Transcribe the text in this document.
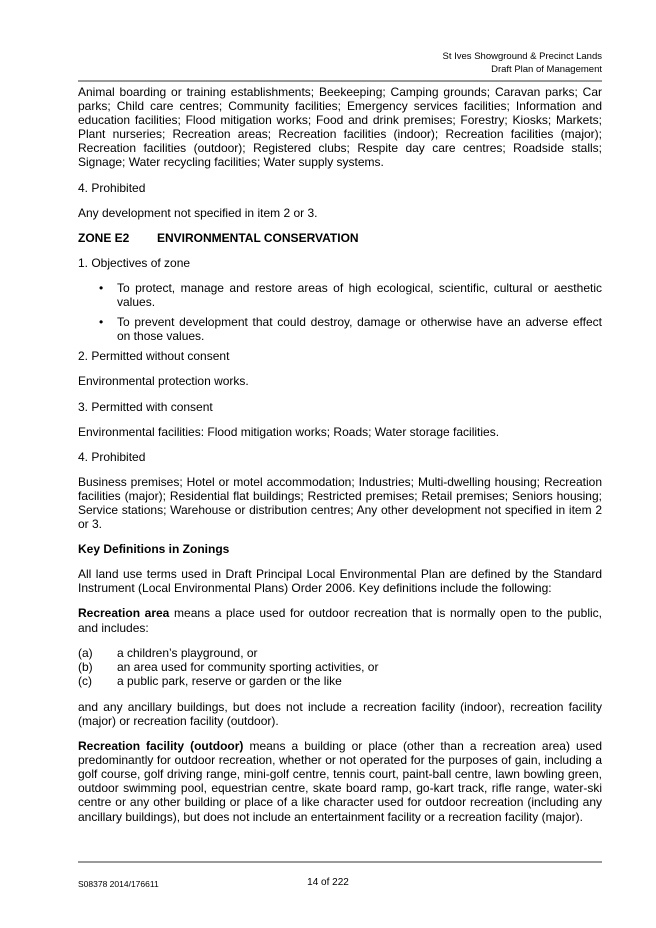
St Ives Showground & Precinct Lands
Draft Plan of Management

Animal boarding or training establishments; Beekeeping; Camping grounds; Caravan parks; Car parks; Child care centres; Community facilities; Emergency services facilities; Information and education facilities; Flood mitigation works; Food and drink premises; Forestry; Kiosks; Markets; Plant nurseries; Recreation areas; Recreation facilities (indoor); Recreation facilities (major); Recreation facilities (outdoor); Registered clubs; Respite day care centres; Roadside stalls; Signage; Water recycling facilities; Water supply systems.

4. Prohibited

Any development not specified in item 2 or 3.

ZONE E2 ENVIRONMENTAL CONSERVATION

1. Objectives of zone

• To protect, manage and restore areas of high ecological, scientific, cultural or aesthetic values.
• To prevent development that could destroy, damage or otherwise have an adverse effect on those values.

2. Permitted without consent

Environmental protection works.

3. Permitted with consent

Environmental facilities: Flood mitigation works; Roads; Water storage facilities.

4. Prohibited

Business premises; Hotel or motel accommodation; Industries; Multi-dwelling housing; Recreation facilities (major); Residential flat buildings; Restricted premises; Retail premises; Seniors housing; Service stations; Warehouse or distribution centres; Any other development not specified in item 2 or 3.

Key Definitions in Zonings

All land use terms used in Draft Principal Local Environmental Plan are defined by the Standard Instrument (Local Environmental Plans) Order 2006. Key definitions include the following:

Recreation area means a place used for outdoor recreation that is normally open to the public, and includes:

(a)	a children’s playground, or
(b)	an area used for community sporting activities, or
(c)	a public park, reserve or garden or the like

and any ancillary buildings, but does not include a recreation facility (indoor), recreation facility (major) or recreation facility (outdoor).

Recreation facility (outdoor) means a building or place (other than a recreation area) used predominantly for outdoor recreation, whether or not operated for the purposes of gain, including a golf course, golf driving range, mini-golf centre, tennis court, paint-ball centre, lawn bowling green, outdoor swimming pool, equestrian centre, skate board ramp, go-kart track, rifle range, water-ski centre or any other building or place of a like character used for outdoor recreation (including any ancillary buildings), but does not include an entertainment facility or a recreation facility (major).

S08378 2014/176611	14 of 222
